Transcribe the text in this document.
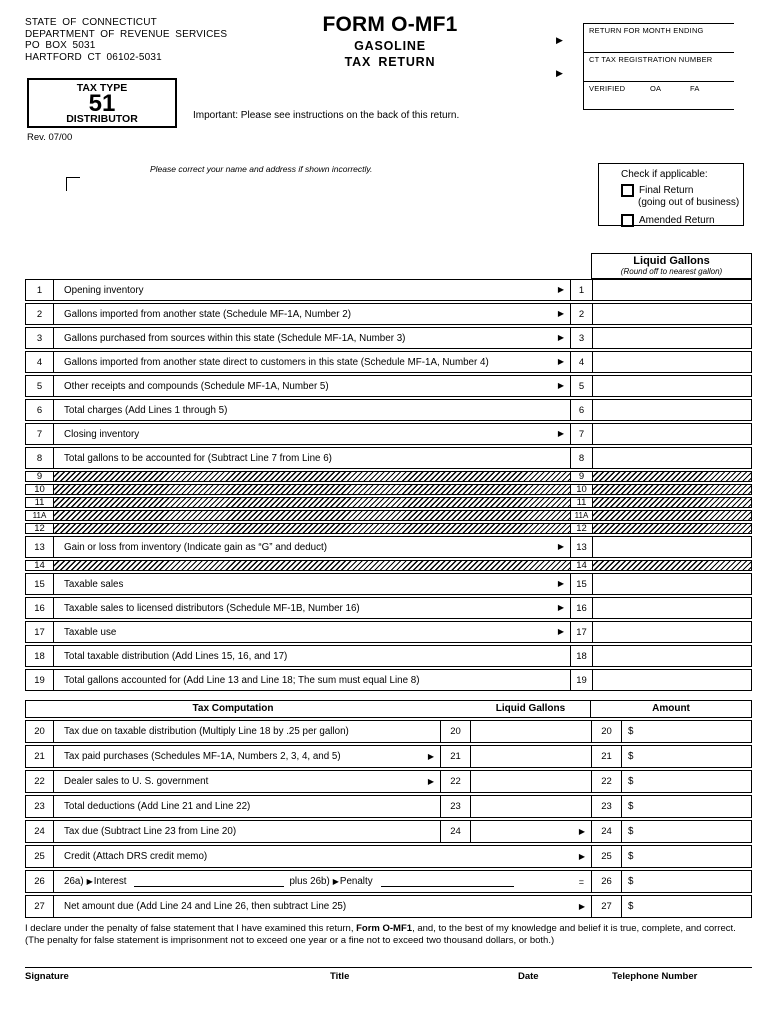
STATE OF CONNECTICUT
DEPARTMENT OF REVENUE SERVICES
PO BOX 5031
HARTFORD CT 06102-5031
FORM O-MF1
GASOLINE
TAX RETURN
▶
▶
RETURN FOR MONTH ENDING
CT TAX REGISTRATION NUMBER
VERIFIED	OA	FA
TAX TYPE
51
DISTRIBUTOR
Rev. 07/00
Important: Please see instructions on the back of this return.
Please correct your name and address if shown incorrectly.	Check if applicable:
Final Return
(going out of business)
Amended Return
Liquid Gallons
(Round off to nearest gallon)
1	Opening inventory	▶	1
2	Gallons imported from another state (Schedule MF-1A, Number 2)	▶	2
3	Gallons purchased from sources within this state (Schedule MF-1A, Number 3)	▶	3
4	Gallons imported from another state direct to customers in this state (Schedule MF-1A, Number 4)	▶	4
5	Other receipts and compounds (Schedule MF-1A, Number 5)	▶	5
6	Total charges (Add Lines 1 through 5)	6
7	Closing inventory	▶	7
8	Total gallons to be accounted for (Subtract Line 7 from Line 6)	8
9	9
10	10
11	11
11A	11A
12	12
13	Gain or loss from inventory (Indicate gain as “G” and deduct)	▶	13
14	14
15	Taxable sales	▶	15
16	Taxable sales to licensed distributors (Schedule MF-1B, Number 16)	▶	16
17	Taxable use	▶	17
18	Total taxable distribution (Add Lines 15, 16, and 17)	18
19	Total gallons accounted for (Add Line 13 and Line 18; The sum must equal Line 8)	19
Tax Computation	Liquid Gallons	Amount
20	Tax due on taxable distribution (Multiply Line 18 by .25 per gallon)	20	20	$
21	Tax paid purchases (Schedules MF-1A, Numbers 2, 3, 4, and 5)	▶	21	21	$
22	Dealer sales to U. S. government	▶	22	22	$
23	Total deductions (Add Line 21 and Line 22)	23	23	$
24	Tax due (Subtract Line 23 from Line 20)	24	▶	24	$
25	Credit (Attach DRS credit memo)	▶	25	$
26	26a) ▶ Interest	plus 26b) ▶ Penalty	=	26	$
27	Net amount due (Add Line 24 and Line 26, then subtract Line 25)	▶	27	$
I declare under the penalty of false statement that I have examined this return, Form O-MF1, and, to the best of my knowledge and belief it is true, complete, and correct. (The penalty for false statement is imprisonment not to exceed one year or a fine not to exceed two thousand dollars, or both.)
Signature	Title	Date	Telephone Number
